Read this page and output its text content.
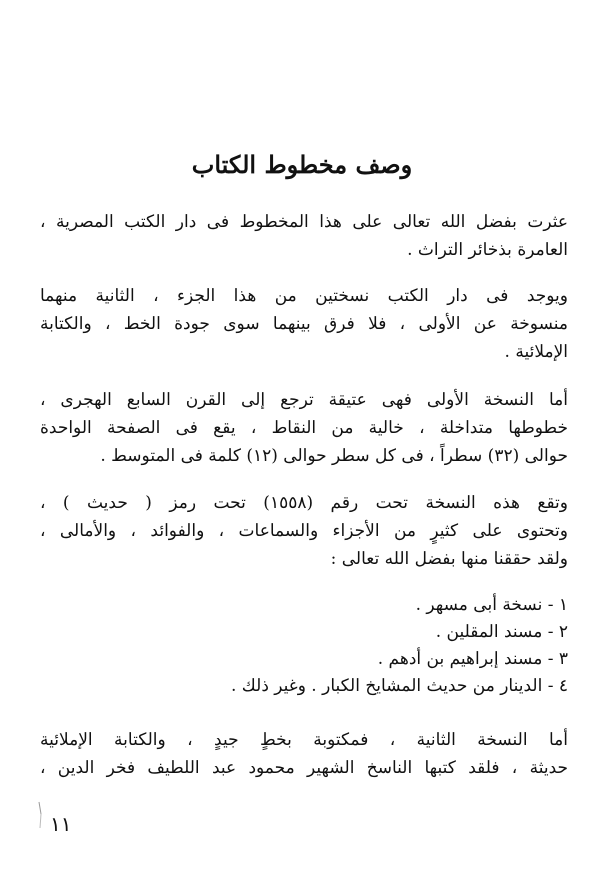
وصف مخطوط الكتاب
عثرت بفضل الله تعالى على هذا المخطوط فى دار الكتب المصرية ،
العامرة بذخائر التراث .
ويوجد فى دار الكتب نسختين من هذا الجزء ، الثانية منهما
منسوخة عن الأولى ، فلا فرق بينهما سوى جودة الخط ، والكتابة
الإملائية .
أما النسخة الأولى فهى عتيقة ترجع إلى القرن السابع الهجرى ،
خطوطها متداخلة ، خالية من النقاط ، يقع فى الصفحة الواحدة
حوالى (٣٢) سطراً ، فى كل سطر حوالى (١٢) كلمة فى المتوسط .
وتقع هذه النسخة تحت رقم (١٥٥٨) تحت رمز ( حديث ) ،
وتحتوى على كثيرٍ من الأجزاء والسماعات ، والفوائد ، والأمالى ،
ولقد حققنا منها بفضل الله تعالى :
١ - نسخة أبى مسهر .
٢ - مسند المقلين .
٣ - مسند إبراهيم بن أدهم .
٤ - الدينار من حديث المشايخ الكبار . وغير ذلك .
أما النسخة الثانية ، فمكتوبة بخطٍ جيدٍ ، والكتابة الإملائية
حديثة ، فلقد كتبها الناسخ الشهير محمود عبد اللطيف فخر الدين ،
١١
